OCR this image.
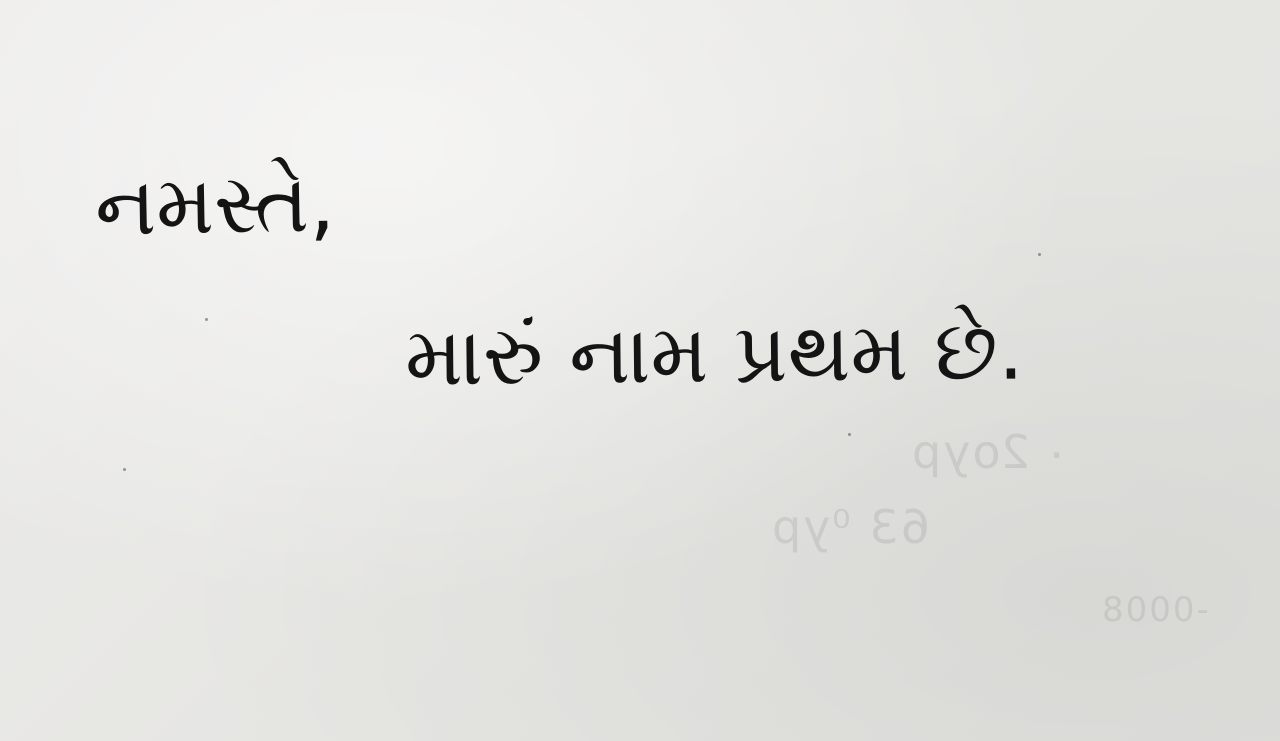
۰ 2oyp
63 ⁰yp
-0008
નમસ્તે,
મારું નામ પ્રથમ છે.
